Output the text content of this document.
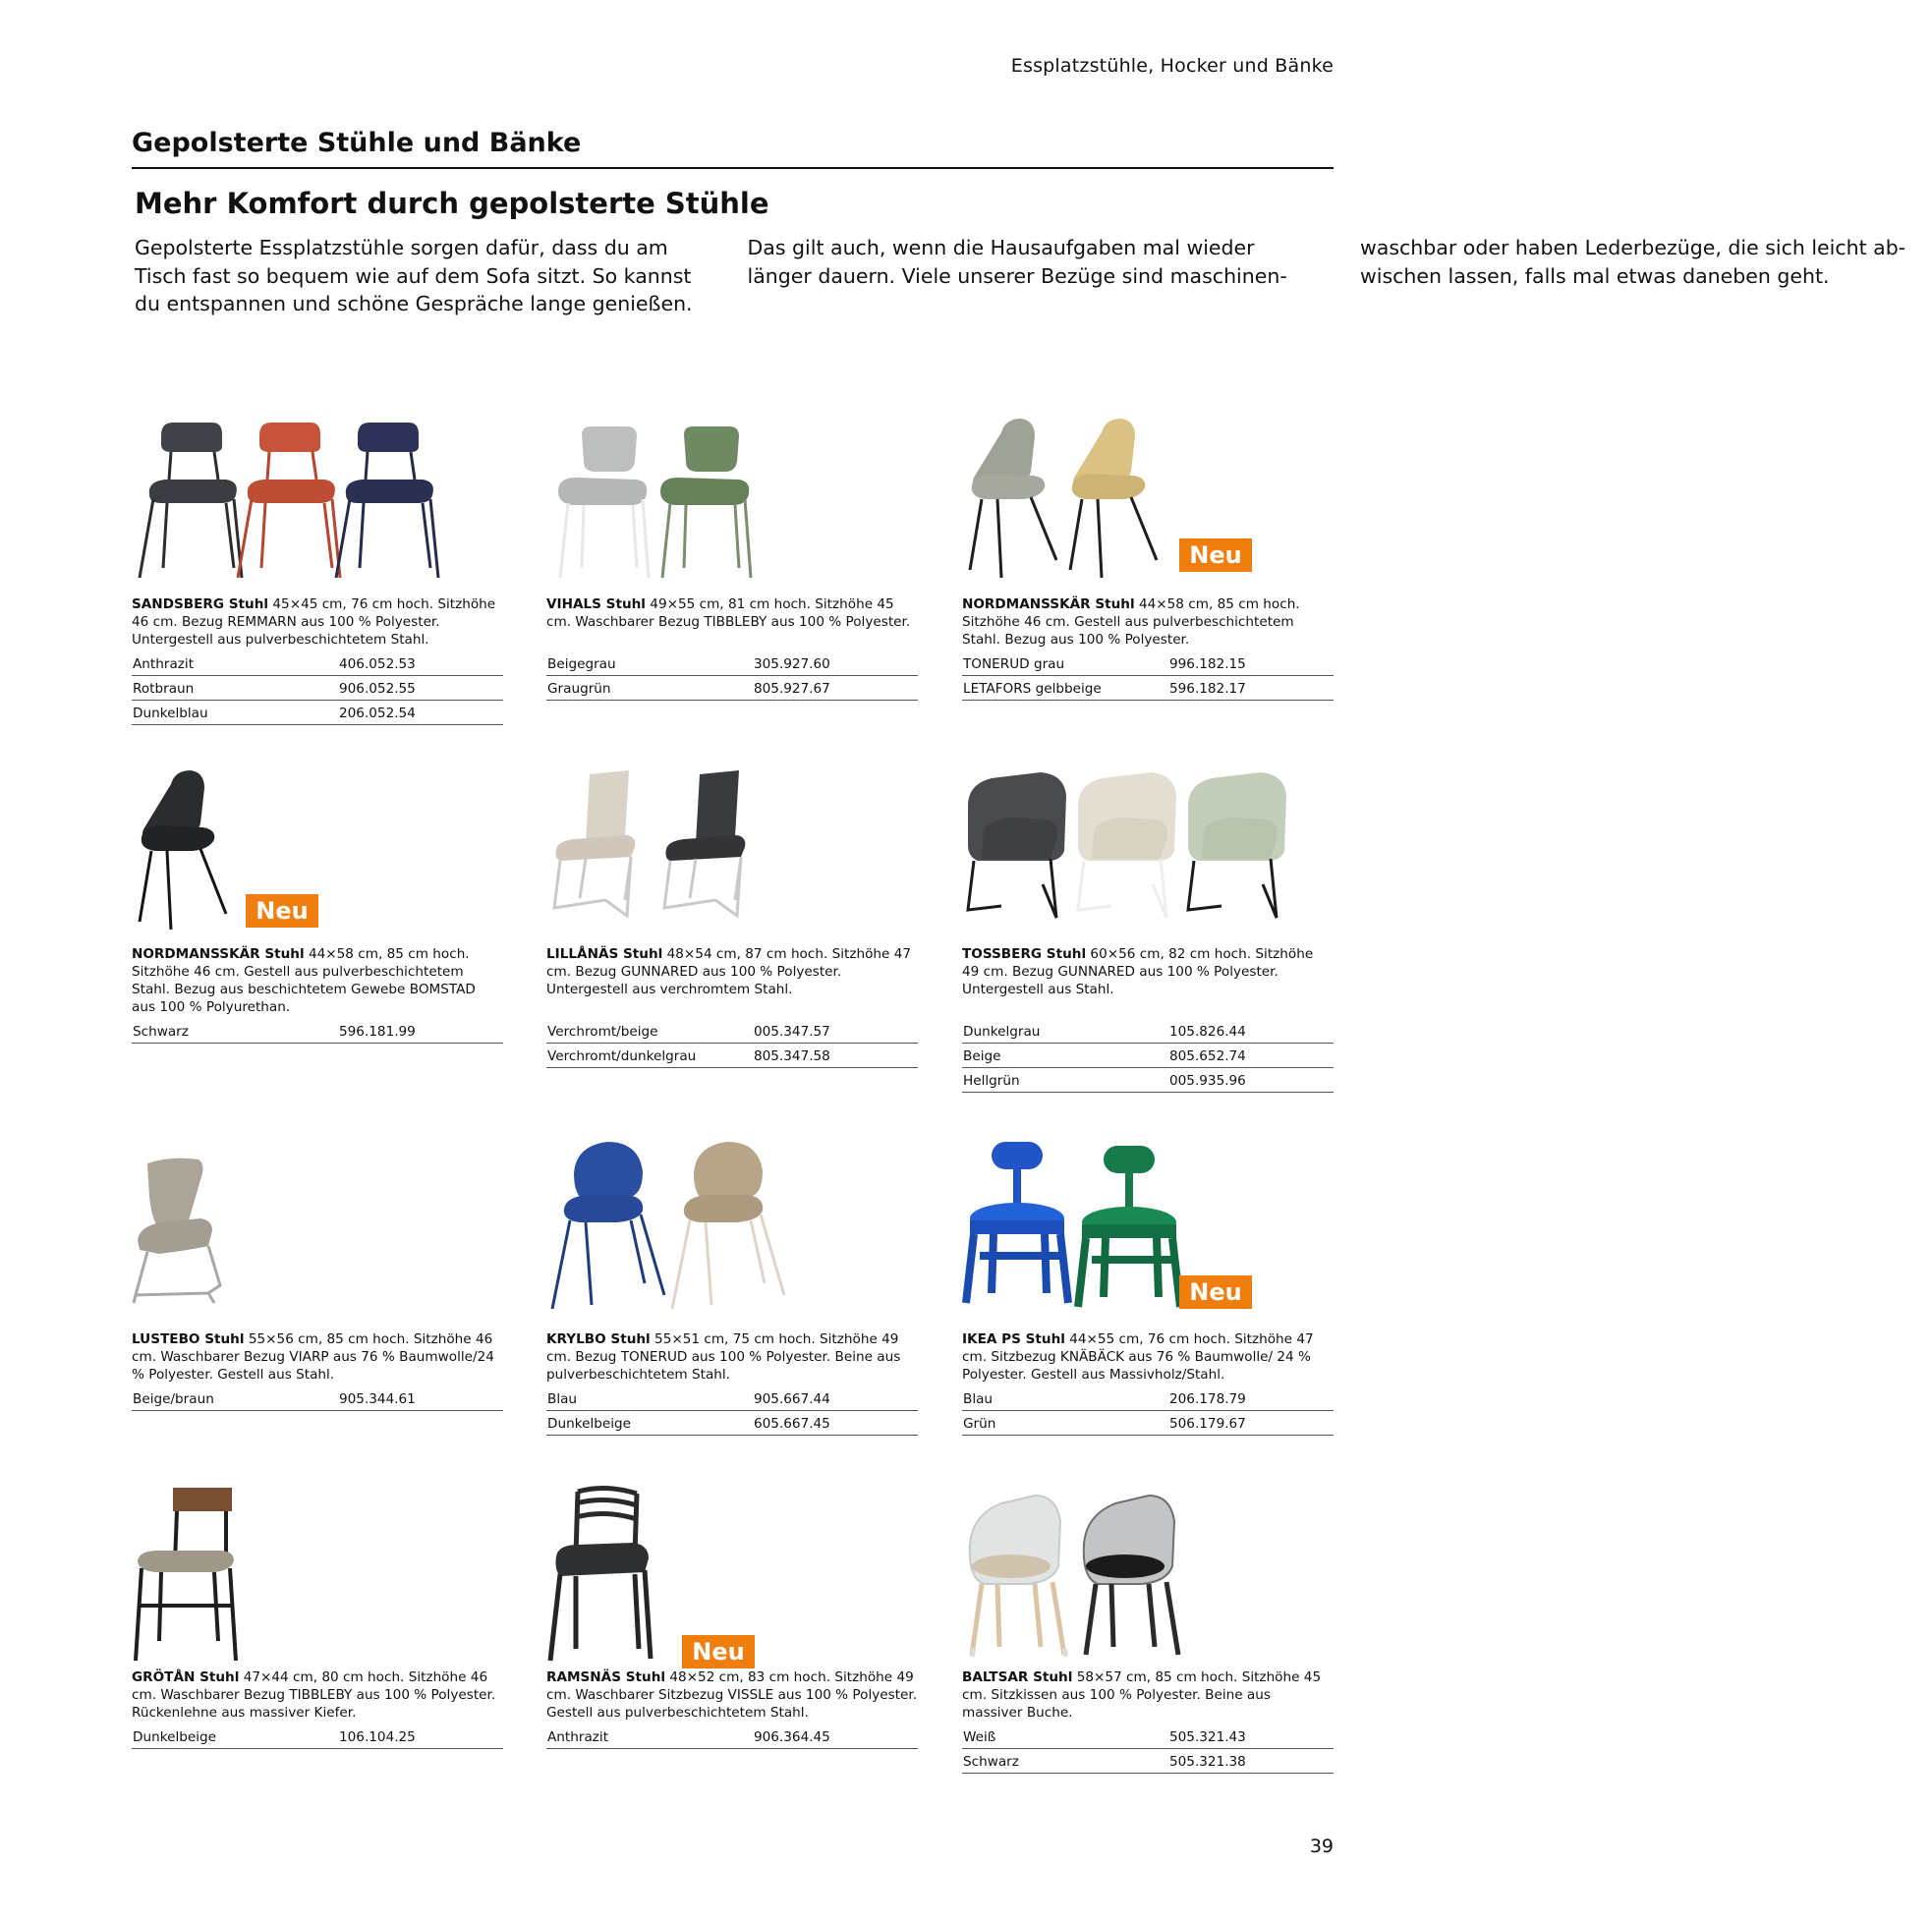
Essplatzstühle, Hocker und Bänke
Gepolsterte Stühle und Bänke
Mehr Komfort durch gepolsterte Stühle

Gepolsterte Essplatzstühle sorgen dafür, dass du am Tisch fast so bequem wie auf dem Sofa sitzt. So kannst du entspannen und schöne Gespräche lange genießen. Das gilt auch, wenn die Hausaufgaben mal wieder länger dauern. Viele unserer Bezüge sind maschinenwaschbar oder haben Lederbezüge, die sich leicht abwischen lassen, falls mal etwas daneben geht.

SANDSBERG Stuhl 45×45 cm, 76 cm hoch. Sitzhöhe 46 cm. Bezug REMMARN aus 100 % Polyester. Untergestell aus pulverbeschichtetem Stahl.
Anthrazit	406.052.53
Rotbraun	906.052.55
Dunkelblau	206.052.54
VIHALS Stuhl 49×55 cm, 81 cm hoch. Sitzhöhe 45 cm. Waschbarer Bezug TIBBLEBY aus 100 % Polyester.
Beigegrau	305.927.60
Graugrün	805.927.67
Neu
NORDMANSSKÄR Stuhl 44×58 cm, 85 cm hoch. Sitzhöhe 46 cm. Gestell aus pulverbeschichtetem Stahl. Bezug aus 100 % Polyester.
TONERUD grau	996.182.15
LETAFORS gelbbeige	596.182.17
Neu
NORDMANSSKÄR Stuhl 44×58 cm, 85 cm hoch. Sitzhöhe 46 cm. Gestell aus pulverbeschichtetem Stahl. Bezug aus beschichtetem Gewebe BOMSTAD aus 100 % Polyurethan.
Schwarz	596.181.99
LILLÅNÄS Stuhl 48×54 cm, 87 cm hoch. Sitzhöhe 47 cm. Bezug GUNNARED aus 100 % Polyester. Untergestell aus verchromtem Stahl.
Verchromt/beige	005.347.57
Verchromt/dunkelgrau	805.347.58
TOSSBERG Stuhl 60×56 cm, 82 cm hoch. Sitzhöhe 49 cm. Bezug GUNNARED aus 100 % Polyester. Untergestell aus Stahl.
Dunkelgrau	105.826.44
Beige	805.652.74
Hellgrün	005.935.96
LUSTEBO Stuhl 55×56 cm, 85 cm hoch. Sitzhöhe 46 cm. Waschbarer Bezug VIARP aus 76 % Baumwolle/24 % Polyester. Gestell aus Stahl.
Beige/braun	905.344.61
KRYLBO Stuhl 55×51 cm, 75 cm hoch. Sitzhöhe 49 cm. Bezug TONERUD aus 100 % Polyester. Beine aus pulverbeschichtetem Stahl.
Blau	905.667.44
Dunkelbeige	605.667.45
Neu
IKEA PS Stuhl 44×55 cm, 76 cm hoch. Sitzhöhe 47 cm. Sitzbezug KNÄBÄCK aus 76 % Baumwolle/ 24 % Polyester. Gestell aus Massivholz/Stahl.
Blau	206.178.79
Grün	506.179.67
GRÖTÅN Stuhl 47×44 cm, 80 cm hoch. Sitzhöhe 46 cm. Waschbarer Bezug TIBBLEBY aus 100 % Polyester. Rückenlehne aus massiver Kiefer.
Dunkelbeige	106.104.25
Neu
RAMSNÄS Stuhl 48×52 cm, 83 cm hoch. Sitzhöhe 49 cm. Waschbarer Sitzbezug VISSLE aus 100 % Polyester. Gestell aus pulverbeschichtetem Stahl.
Anthrazit	906.364.45
BALTSAR Stuhl 58×57 cm, 85 cm hoch. Sitzhöhe 45 cm. Sitzkissen aus 100 % Polyester. Beine aus massiver Buche.
Weiß	505.321.43
Schwarz	505.321.38
39
